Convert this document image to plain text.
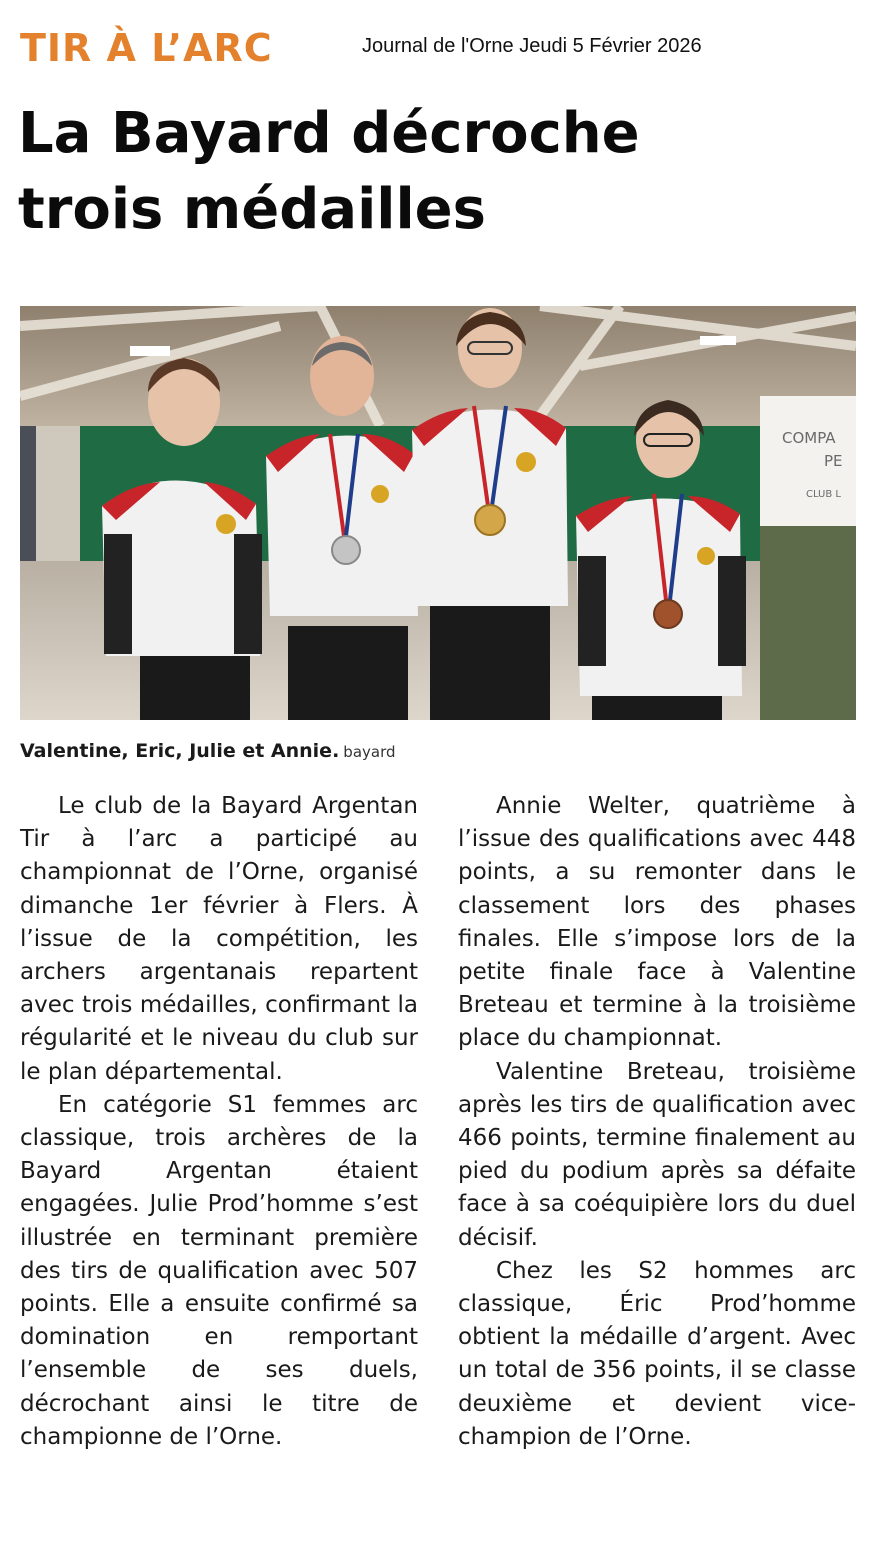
TIR À L’ARC	Journal de l'Orne Jeudi 5 Février 2026
La Bayard décroche
trois médailles
COMPA
PE
CLUB L
Valentine, Eric, Julie et Annie. bayard

Le club de la Bayard Argentan Tir à l’arc a participé au championnat de l’Orne, organisé dimanche 1er février à Flers. À l’issue de la compétition, les archers argentanais repartent avec trois médailles, confirmant la régularité et le niveau du club sur le plan départemental.

En catégorie S1 femmes arc classique, trois archères de la Bayard Argentan étaient engagées. Julie Prod’homme s’est illustrée en terminant première des tirs de qualification avec 507 points. Elle a ensuite confirmé sa domination en remportant l’ensemble de ses duels, décrochant ainsi le titre de championne de l’Orne.

Annie Welter, quatrième à l’issue des qualifications avec 448 points, a su remonter dans le classement lors des phases finales. Elle s’impose lors de la petite finale face à Valentine Breteau et termine à la troisième place du championnat.

Valentine Breteau, troisième après les tirs de qualification avec 466 points, termine finalement au pied du podium après sa défaite face à sa coéquipière lors du duel décisif.

Chez les S2 hommes arc classique, Éric Prod’homme obtient la médaille d’argent. Avec un total de 356 points, il se classe deuxième et devient vice-champion de l’Orne.
